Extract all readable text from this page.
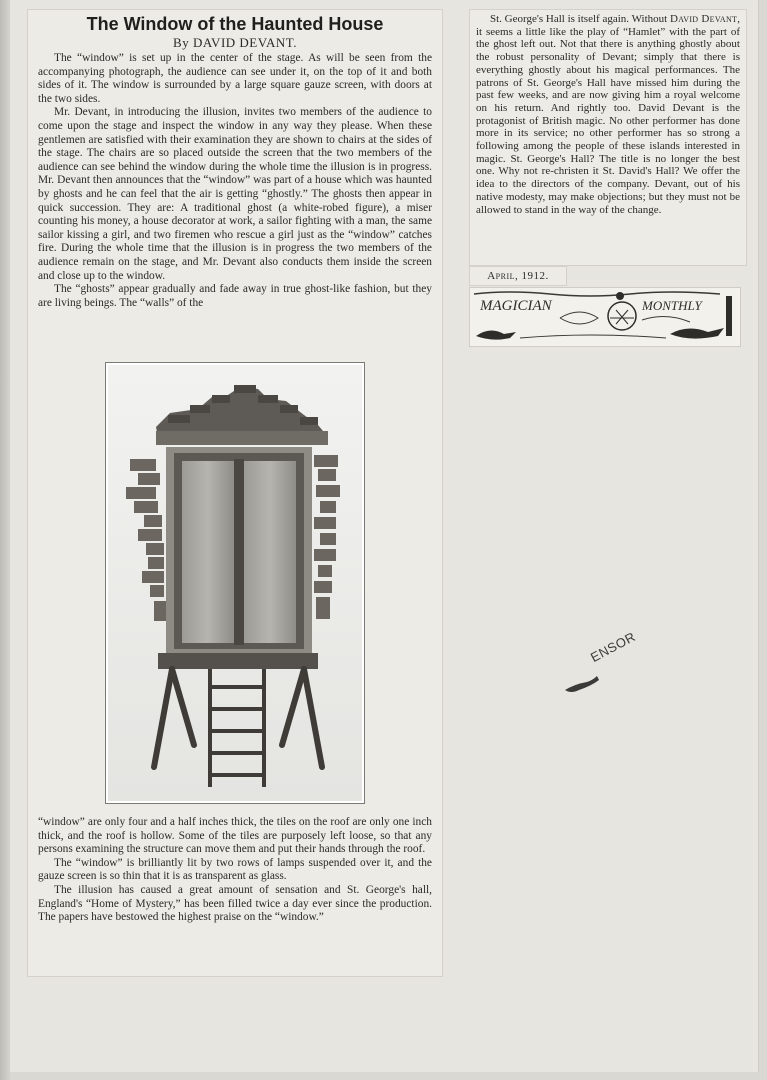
The Window of the Haunted House
By DAVID DEVANT.

The “window” is set up in the center of the stage. As will be seen from the accompanying photograph, the audience can see under it, on the top of it and both sides of it. The window is surrounded by a large square gauze screen, with doors at the two sides.

Mr. Devant, in introducing the illusion, invites two members of the audience to come upon the stage and inspect the window in any way they please. When these gentlemen are satisfied with their examination they are shown to chairs at the sides of the stage. The chairs are so placed outside the screen that the two members of the audience can see behind the window during the whole time the illusion is in progress. Mr. Devant then announces that the “window” was part of a house which was haunted by ghosts and he can feel that the air is getting “ghostly.” The ghosts then appear in quick succession. They are: A traditional ghost (a white-robed figure), a miser counting his money, a house decorator at work, a sailor fighting with a man, the same sailor kissing a girl, and two firemen who rescue a girl just as the “window” catches fire. During the whole time that the illusion is in progress the two members of the audience remain on the stage, and Mr. Devant also conducts them inside the screen and close up to the window.

The “ghosts” appear gradually and fade away in true ghost-like fashion, but they are living beings. The “walls” of the

“window” are only four and a half inches thick, the tiles on the roof are only one inch thick, and the roof is hollow. Some of the tiles are purposely left loose, so that any persons examining the structure can move them and put their hands through the roof.

The “window” is brilliantly lit by two rows of lamps suspended over it, and the gauze screen is so thin that it is as transparent as glass.

The illusion has caused a great amount of sensation and St. George's hall, England's “Home of Mystery,” has been filled twice a day ever since the production. The papers have bestowed the highest praise on the “window.”

St. George's Hall is itself again. Without David Devant, it seems a little like the play of “Hamlet” with the part of the ghost left out. Not that there is anything ghostly about the robust personality of Devant; simply that there is everything ghostly about his magical performances. The patrons of St. George's Hall have missed him during the past few weeks, and are now giving him a royal welcome on his return. And rightly too. David Devant is the protagonist of British magic. No other performer has done more in its service; no other performer has so strong a following among the people of these islands interested in magic. St. George's Hall? The title is no longer the best one. Why not re-christen it St. David's Hall? We offer the idea to the directors of the company. Devant, out of his native modesty, may make objections; but they must not be allowed to stand in the way of the change.

April, 1912.
MAGICIAN	MONTHLY
ENSOR
